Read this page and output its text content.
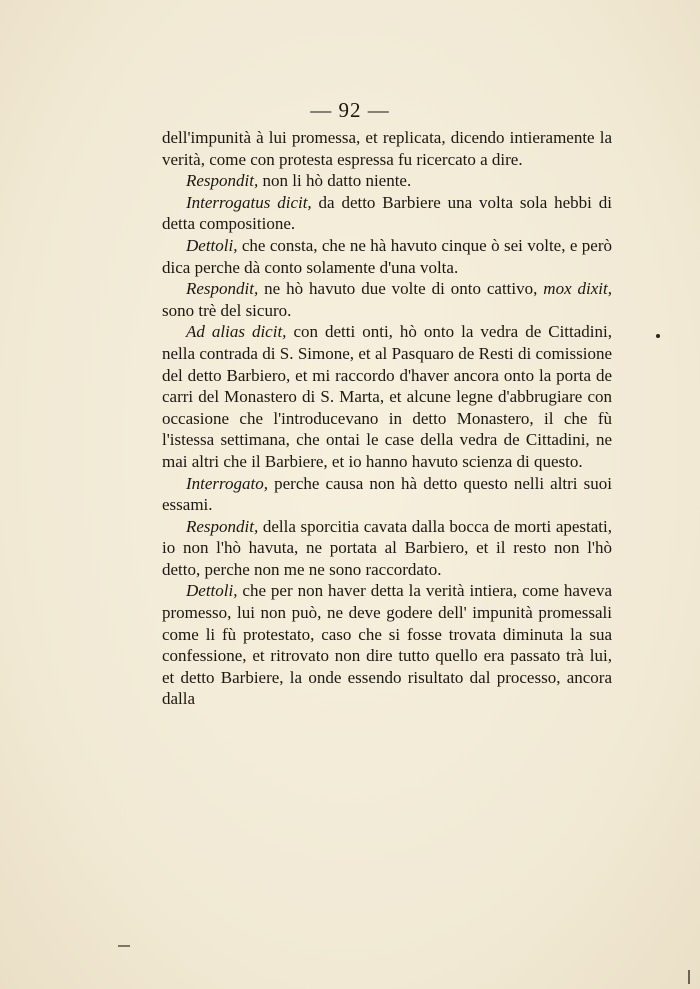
— 92 —

dell'impunità à lui promessa, et replicata, dicendo intieramente la verità, come con protesta espressa fu ricercato a dire.

Respondit, non li hò datto niente.

Interrogatus dicit, da detto Barbiere una volta sola hebbi di detta compositione.

Dettoli, che consta, che ne hà havuto cinque ò sei volte, e però dica perche dà conto solamente d'una volta.

Respondit, ne hò havuto due volte di onto cattivo, mox dixit, sono trè del sicuro.

Ad alias dicit, con detti onti, hò onto la vedra de Cittadini, nella contrada di S. Simone, et al Pasquaro de Resti di comissione del detto Barbiero, et mi raccordo d'haver ancora onto la porta de carri del Monastero di S. Marta, et alcune legne d'abbrugiare con occasione che l'introducevano in detto Monastero, il che fù l'istessa settimana, che ontai le case della vedra de Cittadini, ne mai altri che il Barbiere, et io hanno havuto scienza di questo.

Interrogato, perche causa non hà detto questo nelli altri suoi essami.

Respondit, della sporcitia cavata dalla bocca de morti apestati, io non l'hò havuta, ne portata al Barbiero, et il resto non l'hò detto, perche non me ne sono raccordato.

Dettoli, che per non haver detta la verità intiera, come haveva promesso, lui non può, ne deve godere dell' impunità promessali come li fù protestato, caso che si fosse trovata diminuta la sua confessione, et ritrovato non dire tutto quello era passato trà lui, et detto Barbiere, la onde essendo risultato dal processo, ancora dalla
